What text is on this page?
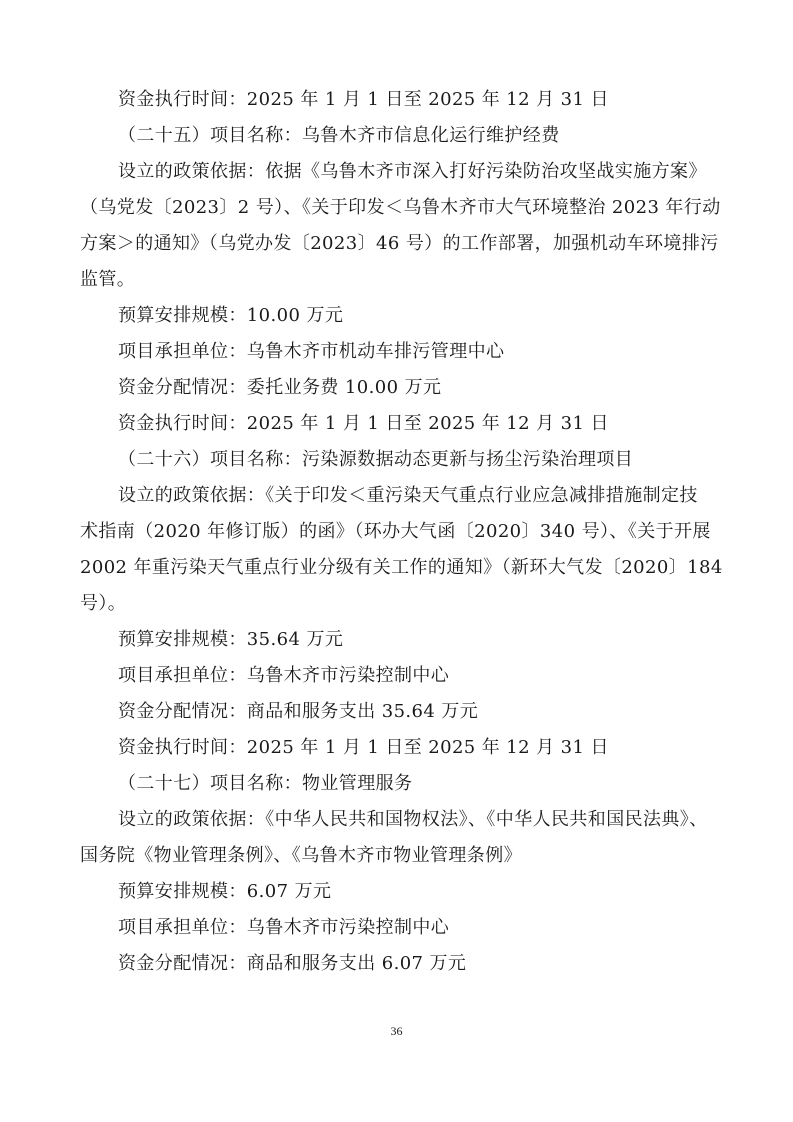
资金执行时间：2025 年 1 月 1 日至 2025 年 12 月 31 日
（二十五）项目名称：乌鲁木齐市信息化运行维护经费
设立的政策依据：依据《乌鲁木齐市深入打好污染防治攻坚战实施方案》
（乌党发〔2023〕2 号）、《关于印发＜乌鲁木齐市大气环境整治 2023 年行动
方案＞的通知》（乌党办发〔2023〕46 号）的工作部署，加强机动车环境排污
监管。
预算安排规模：10.00 万元
项目承担单位：乌鲁木齐市机动车排污管理中心
资金分配情况：委托业务费 10.00 万元
资金执行时间：2025 年 1 月 1 日至 2025 年 12 月 31 日
（二十六）项目名称：污染源数据动态更新与扬尘污染治理项目
设立的政策依据：《关于印发＜重污染天气重点行业应急减排措施制定技
术指南（2020 年修订版）的函》（环办大气函〔2020〕340 号）、《关于开展
2002 年重污染天气重点行业分级有关工作的通知》（新环大气发〔2020〕184
号）。
预算安排规模：35.64 万元
项目承担单位：乌鲁木齐市污染控制中心
资金分配情况：商品和服务支出 35.64 万元
资金执行时间：2025 年 1 月 1 日至 2025 年 12 月 31 日
（二十七）项目名称：物业管理服务
设立的政策依据：《中华人民共和国物权法》、《中华人民共和国民法典》、
国务院《物业管理条例》、《乌鲁木齐市物业管理条例》
预算安排规模：6.07 万元
项目承担单位：乌鲁木齐市污染控制中心
资金分配情况：商品和服务支出 6.07 万元
36
